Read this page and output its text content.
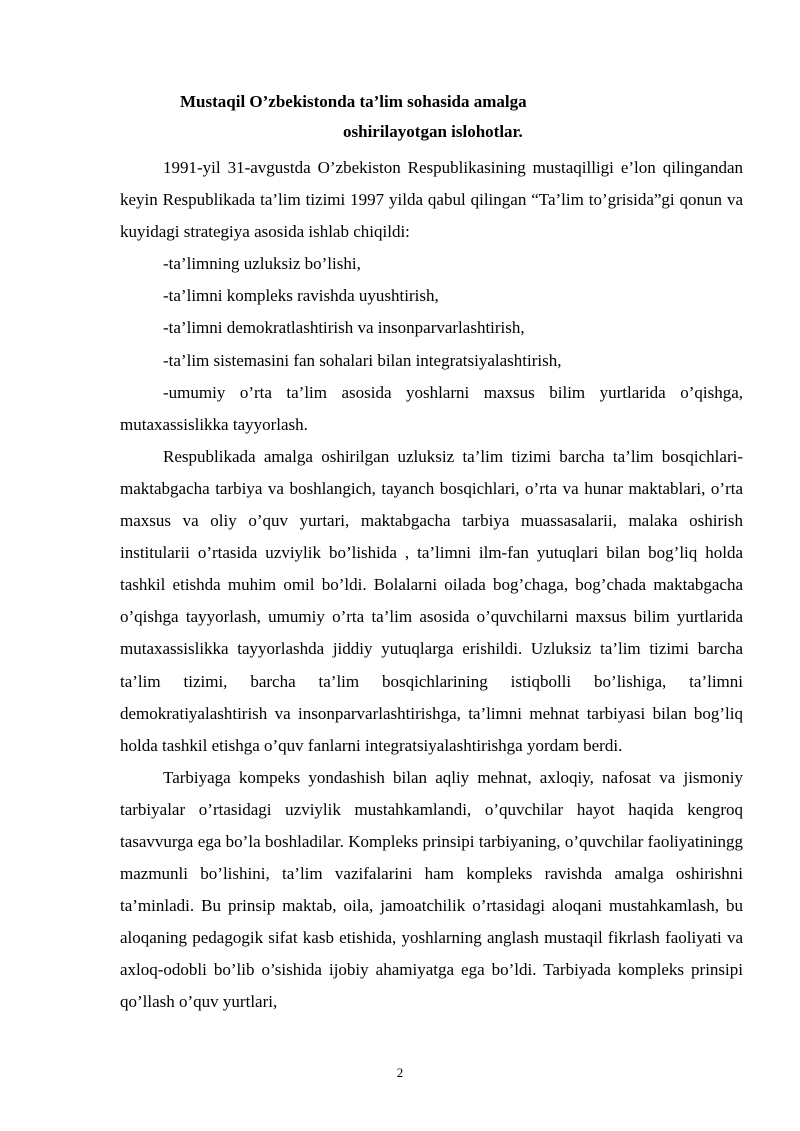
Mustaqil O’zbekistonda ta’lim sohasida amalga
oshirilayotgan islohotlar.

1991-yil 31-avgustda O’zbekiston Respublikasining mustaqilligi e’lon qilingandan keyin Respublikada ta’lim tizimi 1997 yilda qabul qilingan “Ta’lim to’grisida”gi qonun va kuyidagi strategiya asosida ishlab chiqildi:

-ta’limning uzluksiz bo’lishi,

-ta’limni kompleks ravishda uyushtirish,

-ta’limni demokratlashtirish va insonparvarlashtirish,

-ta’lim sistemasini fan sohalari bilan integratsiyalashtirish,

-umumiy o’rta ta’lim asosida yoshlarni maxsus bilim yurtlarida o’qishga, mutaxassislikka tayyorlash.

Respublikada amalga oshirilgan uzluksiz ta’lim tizimi barcha ta’lim bosqichlari-maktabgacha tarbiya va boshlangich, tayanch bosqichlari, o’rta va hunar maktablari, o’rta maxsus va oliy o’quv yurtari, maktabgacha tarbiya muassasalarii, malaka oshirish institularii o’rtasida uzviylik bo’lishida , ta’limni ilm-fan yutuqlari bilan bog’liq holda tashkil etishda muhim omil bo’ldi. Bolalarni oilada bog’chaga, bog’chada maktabgacha o’qishga tayyorlash, umumiy o’rta ta’lim asosida o’quvchilarni maxsus bilim yurtlarida mutaxassislikka tayyorlashda jiddiy yutuqlarga erishildi. Uzluksiz ta’lim tizimi barcha ta’lim tizimi, barcha ta’lim bosqichlarining istiqbolli bo’lishiga, ta’limni demokratiyalashtirish va insonparvarlashtirishga, ta’limni mehnat tarbiyasi bilan bog’liq holda tashkil etishga o’quv fanlarni integratsiyalashtirishga yordam berdi.

Tarbiyaga kompeks yondashish bilan aqliy mehnat, axloqiy, nafosat va jismoniy tarbiyalar o’rtasidagi uzviylik mustahkamlandi, o’quvchilar hayot haqida kengroq tasavvurga ega bo’la boshladilar. Kompleks prinsipi tarbiyaning, o’quvchilar faoliyatiningg mazmunli bo’lishini, ta’lim vazifalarini ham kompleks ravishda amalga oshirishni ta’minladi. Bu prinsip maktab, oila, jamoatchilik o’rtasidagi aloqani mustahkamlash, bu aloqaning pedagogik sifat kasb etishida, yoshlarning anglash mustaqil fikrlash faoliyati va axloq-odobli bo’lib o’sishida ijobiy ahamiyatga ega bo’ldi. Tarbiyada kompleks prinsipi qo’llash o’quv yurtlari,

2
